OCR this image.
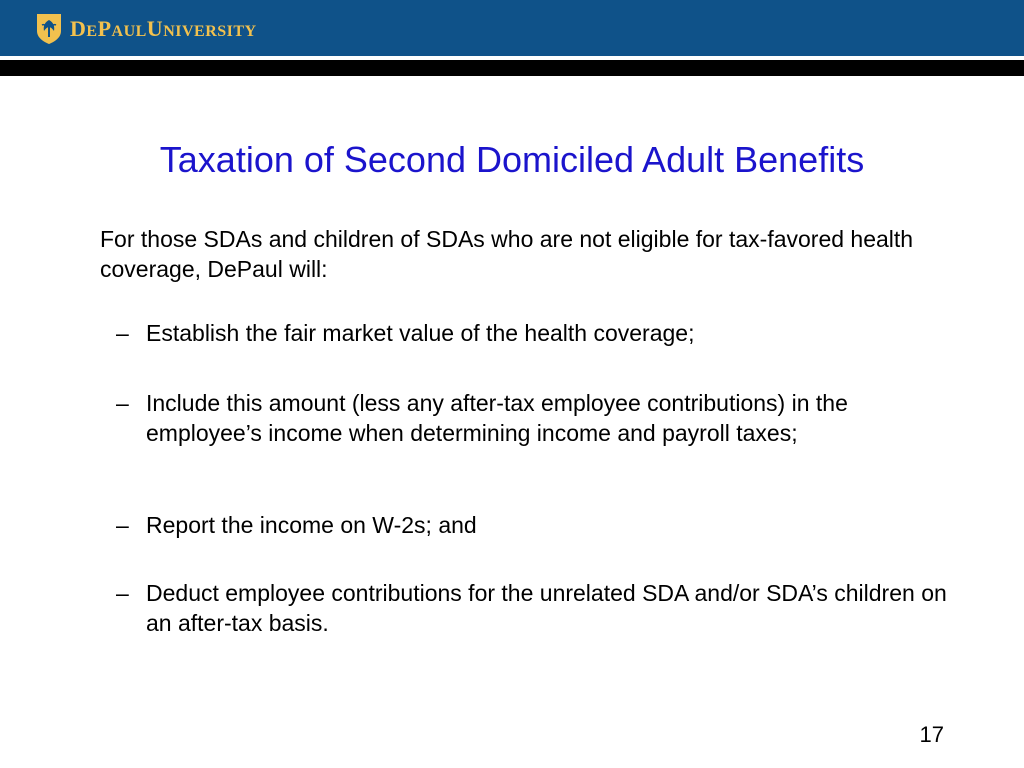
DEPAULUNIVERSITY
Taxation of Second Domiciled Adult Benefits
For those SDAs and children of SDAs who are not eligible for tax-favored health coverage, DePaul will:
– Establish the fair market value of the health coverage;
– Include this amount (less any after-tax employee contributions) in the employee’s income when determining income and payroll taxes;
– Report the income on W-2s; and
– Deduct employee contributions for the unrelated SDA and/or SDA’s children on an after-tax basis.
17
